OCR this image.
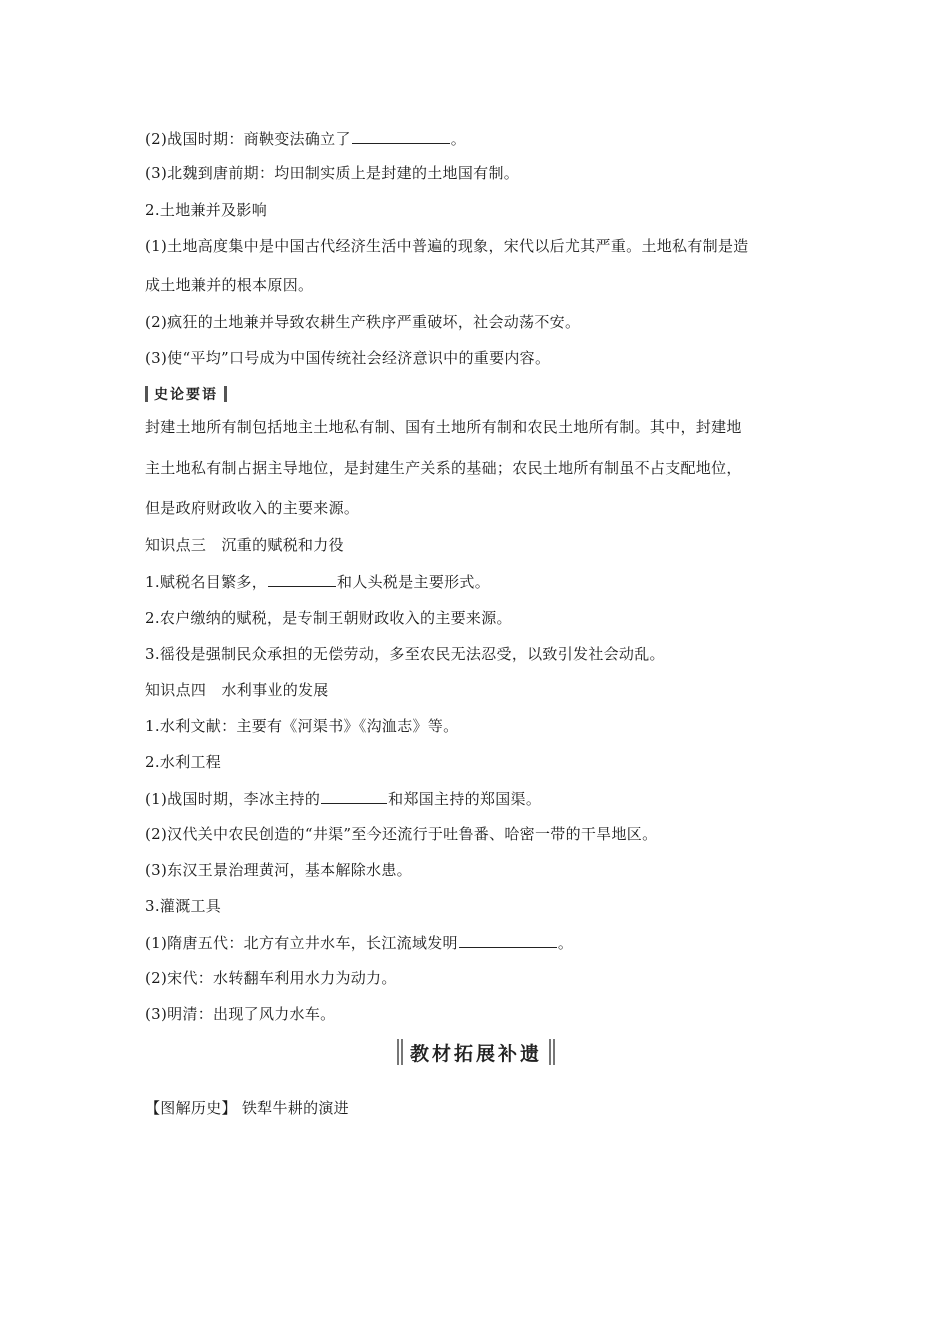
(2)战国时期：商鞅变法确立了	。
(3)北魏到唐前期：均田制实质上是封建的土地国有制。
2.土地兼并及影响
(1)土地高度集中是中国古代经济生活中普遍的现象，宋代以后尤其严重。土地私有制是造
成土地兼并的根本原因。
(2)疯狂的土地兼并导致农耕生产秩序严重破坏，社会动荡不安。
(3)使“平均”口号成为中国传统社会经济意识中的重要内容。
史论要语
封建土地所有制包括地主土地私有制、国有土地所有制和农民土地所有制。其中，封建地
主土地私有制占据主导地位，是封建生产关系的基础；农民土地所有制虽不占支配地位，
但是政府财政收入的主要来源。
知识点三　沉重的赋税和力役
1.赋税名目繁多，	和人头税是主要形式。
2.农户缴纳的赋税，是专制王朝财政收入的主要来源。
3.徭役是强制民众承担的无偿劳动，多至农民无法忍受，以致引发社会动乱。
知识点四　水利事业的发展
1.水利文献：主要有《河渠书》《沟洫志》等。
2.水利工程
(1)战国时期，李冰主持的	和郑国主持的郑国渠。
(2)汉代关中农民创造的“井渠”至今还流行于吐鲁番、哈密一带的干旱地区。
(3)东汉王景治理黄河，基本解除水患。
3.灌溉工具
(1)隋唐五代：北方有立井水车，长江流域发明	。
(2)宋代：水转翻车利用水力为动力。
(3)明清：出现了风力水车。
教材拓展补遗
【图解历史】 铁犁牛耕的演进
